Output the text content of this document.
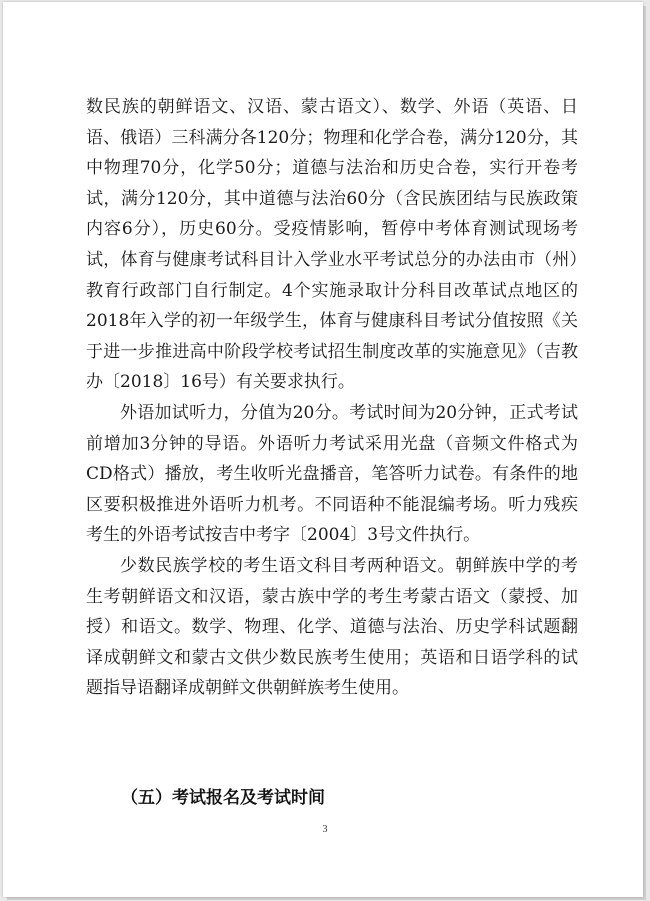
数民族的朝鲜语文、汉语、蒙古语文）、数学、外语（英语、日语、俄语）三科满分各120分；物理和化学合卷，满分120分，其中物理70分，化学50分；道德与法治和历史合卷，实行开卷考试，满分120分，其中道德与法治60分（含民族团结与民族政策内容6分），历史60分。受疫情影响，暂停中考体育测试现场考试，体育与健康考试科目计入学业水平考试总分的办法由市（州）教育行政部门自行制定。4个实施录取计分科目改革试点地区的2018年入学的初一年级学生，体育与健康科目考试分值按照《关于进一步推进高中阶段学校考试招生制度改革的实施意见》（吉教办〔2018〕16号）有关要求执行。

外语加试听力，分值为20分。考试时间为20分钟，正式考试前增加3分钟的导语。外语听力考试采用光盘（音频文件格式为CD格式）播放，考生收听光盘播音，笔答听力试卷。有条件的地区要积极推进外语听力机考。不同语种不能混编考场。听力残疾考生的外语考试按吉中考字〔2004〕3号文件执行。

少数民族学校的考生语文科目考两种语文。朝鲜族中学的考生考朝鲜语文和汉语，蒙古族中学的考生考蒙古语文（蒙授、加授）和语文。数学、物理、化学、道德与法治、历史学科试题翻译成朝鲜文和蒙古文供少数民族考生使用；英语和日语学科的试题指导语翻译成朝鲜文供朝鲜族考生使用。

（五）考试报名及考试时间
3
